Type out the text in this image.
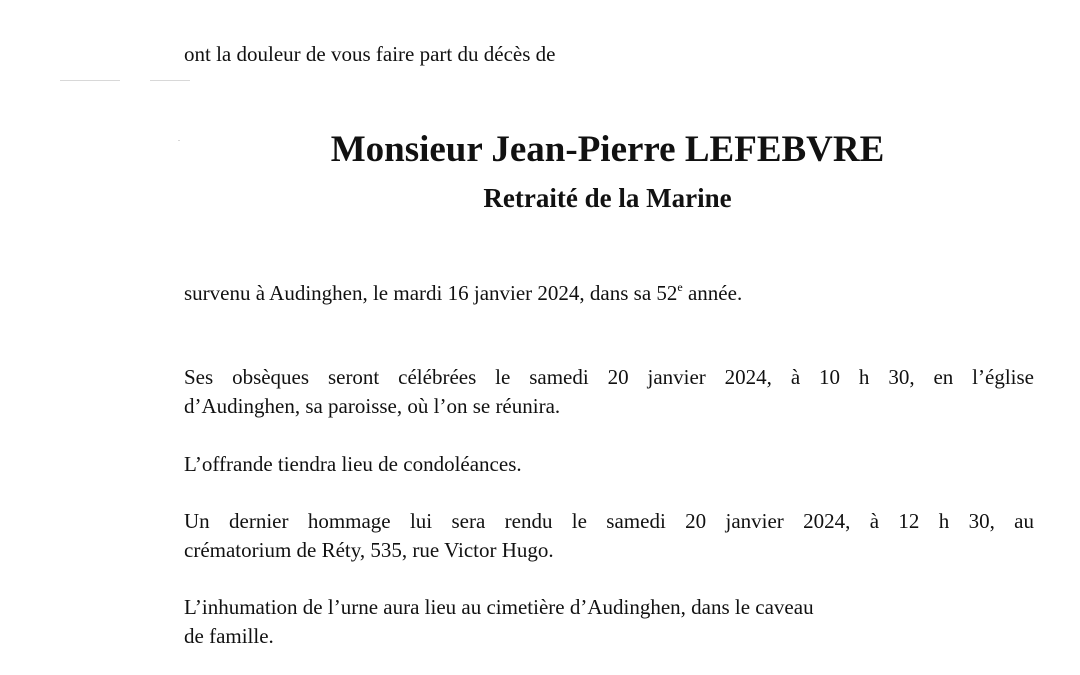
ont la douleur de vous faire part du décès de
Monsieur Jean-Pierre LEFEBVRE
Retraité de la Marine
survenu à Audinghen, le mardi 16 janvier 2024, dans sa 52e année.
Ses obsèques seront célébrées le samedi 20 janvier 2024, à 10 h 30, en l’église
d’Audinghen, sa paroisse, où l’on se réunira.
L’offrande tiendra lieu de condoléances.
Un dernier hommage lui sera rendu le samedi 20 janvier 2024, à 12 h 30, au
crématorium de Réty, 535, rue Victor Hugo.
L’inhumation de l’urne aura lieu au cimetière d’Audinghen, dans le caveau
de famille.
